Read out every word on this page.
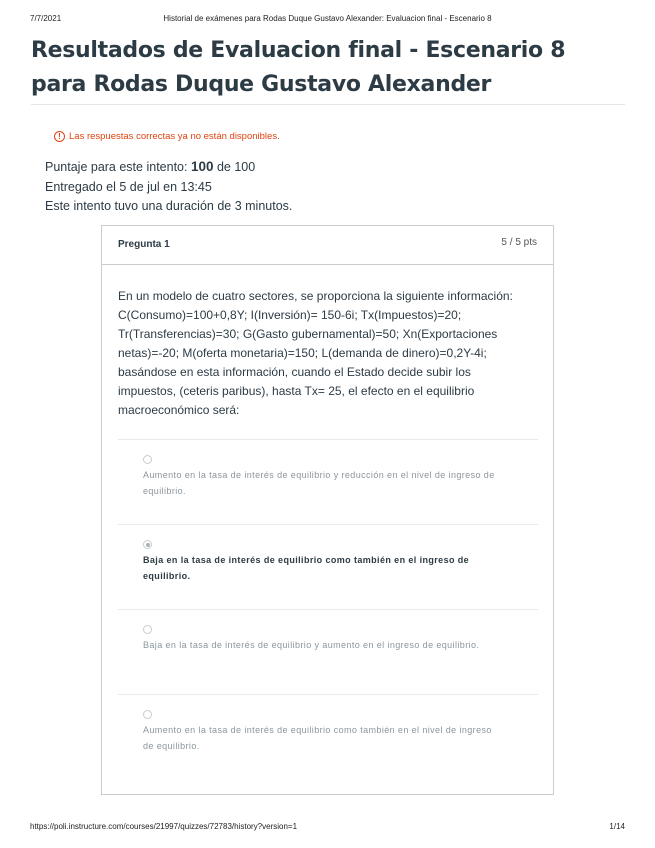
7/7/2021	Historial de exámenes para Rodas Duque Gustavo Alexander: Evaluacion final - Escenario 8
Resultados de Evaluacion final - Escenario 8 para Rodas Duque Gustavo Alexander
! Las respuestas correctas ya no están disponibles.
Puntaje para este intento: 100 de 100
Entregado el 5 de jul en 13:45
Este intento tuvo una duración de 3 minutos.
Pregunta 1	5 / 5 pts
En un modelo de cuatro sectores, se proporciona la siguiente información: C(Consumo)=100+0,8Y; I(Inversión)= 150-6i; Tx(Impuestos)=20; Tr(Transferencias)=30; G(Gasto gubernamental)=50; Xn(Exportaciones netas)=-20; M(oferta monetaria)=150; L(demanda de dinero)=0,2Y-4i; basándose en esta información, cuando el Estado decide subir los impuestos, (ceteris paribus), hasta Tx= 25, el efecto en el equilibrio macroeconómico será:
Aumento en la tasa de interés de equilibrio y reducción en el nivel de ingreso de equilibrio.
Baja en la tasa de interés de equilibrio como también en el ingreso de equilibrio.
Baja en la tasa de interés de equilibrio y aumento en el ingreso de equilibrio.
Aumento en la tasa de interés de equilibrio como también en el nivel de ingreso de equilibrio.
https://poli.instructure.com/courses/21997/quizzes/72783/history?version=1	1/14
